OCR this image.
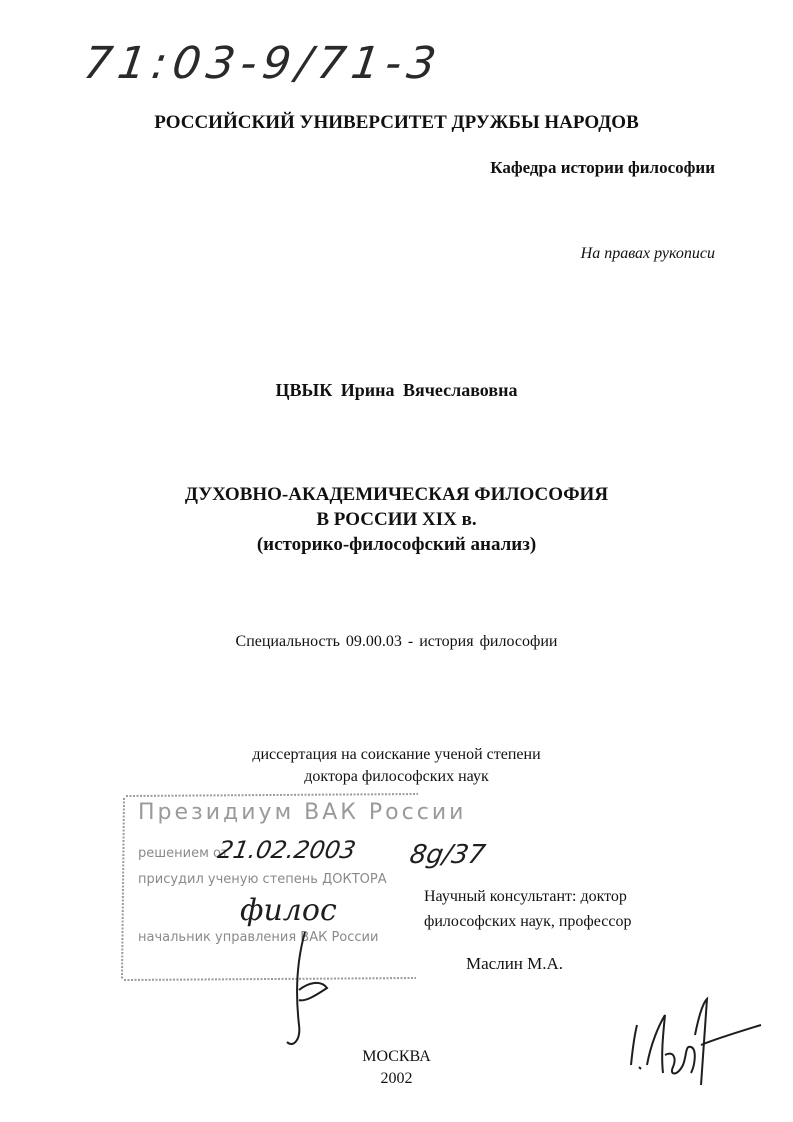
71:03-9/71-3
РОССИЙСКИЙ УНИВЕРСИТЕТ ДРУЖБЫ НАРОДОВ
Кафедра истории философии
На правах рукописи
ЦВЫК Ирина Вячеславовна
ДУХОВНО-АКАДЕМИЧЕСКАЯ ФИЛОСОФИЯ
В РОССИИ XIX в.
(историко-философский анализ)
Специальность 09.00.03 - история философии
диссертация на соискание ученой степени
доктора философских наук
Президиум ВАК России
решением от
присудил ученую степень ДОКТОРА
начальник управления ВАК России
21.02.2003 8g/37
филос	Научный консультант: доктор
философских наук, профессор
Маслин М.А.
МОСКВА
2002
